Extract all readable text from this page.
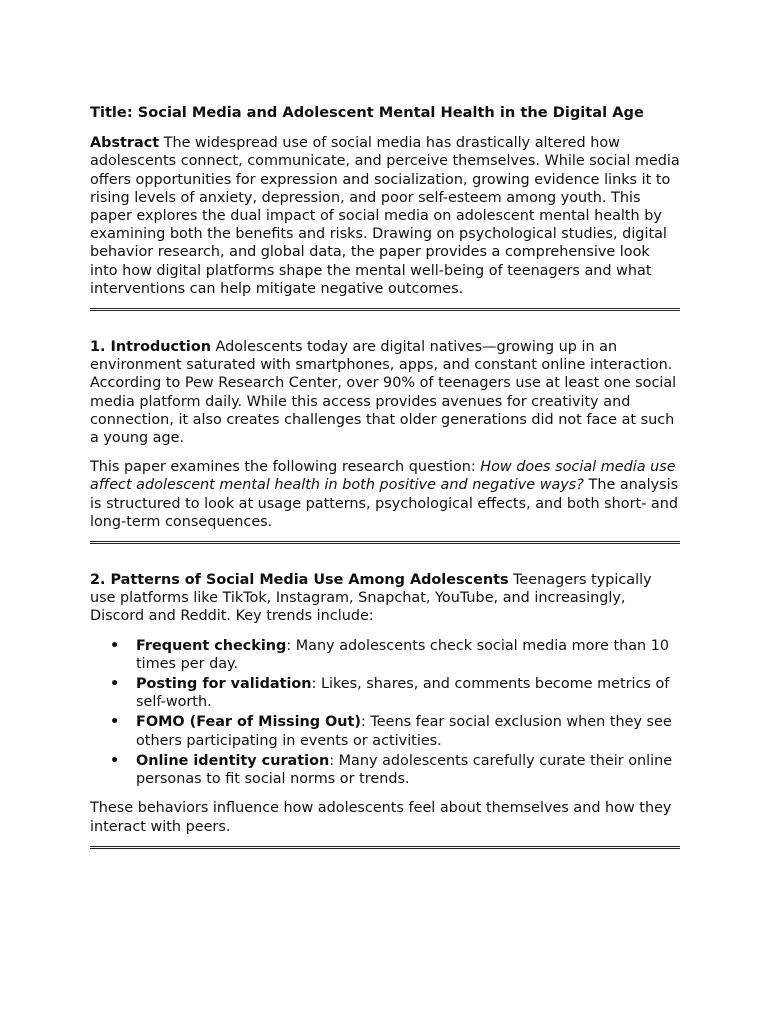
Title: Social Media and Adolescent Mental Health in the Digital Age

Abstract The widespread use of social media has drastically altered how adolescents connect, communicate, and perceive themselves. While social media offers opportunities for expression and socialization, growing evidence links it to rising levels of anxiety, depression, and poor self-esteem among youth. This paper explores the dual impact of social media on adolescent mental health by examining both the benefits and risks. Drawing on psychological studies, digital behavior research, and global data, the paper provides a comprehensive look into how digital platforms shape the mental well-being of teenagers and what interventions can help mitigate negative outcomes.

1. Introduction Adolescents today are digital natives—growing up in an environment saturated with smartphones, apps, and constant online interaction. According to Pew Research Center, over 90% of teenagers use at least one social media platform daily. While this access provides avenues for creativity and connection, it also creates challenges that older generations did not face at such a young age.

This paper examines the following research question: How does social media use affect adolescent mental health in both positive and negative ways? The analysis is structured to look at usage patterns, psychological effects, and both short- and long-term consequences.

2. Patterns of Social Media Use Among Adolescents Teenagers typically use platforms like TikTok, Instagram, Snapchat, YouTube, and increasingly, Discord and Reddit. Key trends include:

• Frequent checking: Many adolescents check social media more than 10 times per day.
• Posting for validation: Likes, shares, and comments become metrics of self-worth.
• FOMO (Fear of Missing Out): Teens fear social exclusion when they see others participating in events or activities.
• Online identity curation: Many adolescents carefully curate their online personas to fit social norms or trends.

These behaviors influence how adolescents feel about themselves and how they interact with peers.
